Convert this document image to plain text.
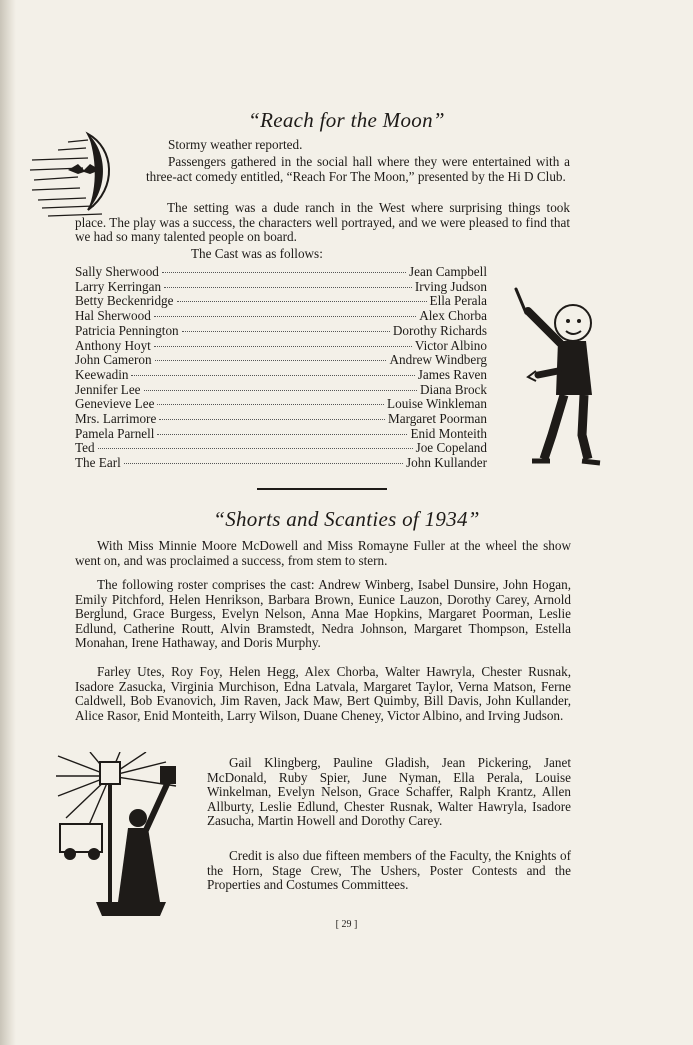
“Reach for the Moon”

Stormy weather reported.

Passengers gathered in the social hall where they were entertained with a three-act comedy entitled, “Reach For The Moon,” presented by the Hi D Club.

The setting was a dude ranch in the West where surprising things took place. The play was a success, the characters well portrayed, and we were pleased to find that we had so many talented people on board.

The Cast was as follows:

Sally Sherwood	Jean Campbell
Larry Kerringan	Irving Judson
Betty Beckenridge	Ella Perala
Hal Sherwood	Alex Chorba
Patricia Pennington	Dorothy Richards
Anthony Hoyt	Victor Albino
John Cameron	Andrew Windberg
Keewadin	James Raven
Jennifer Lee	Diana Brock
Genevieve Lee	Louise Winkleman
Mrs. Larrimore	Margaret Poorman
Pamela Parnell	Enid Monteith
Ted	Joe Copeland
The Earl	John Kullander
“Shorts and Scanties of 1934”

With Miss Minnie Moore McDowell and Miss Romayne Fuller at the wheel the show went on, and was proclaimed a success, from stem to stern.

The following roster comprises the cast: Andrew Winberg, Isabel Dunsire, John Hogan, Emily Pitchford, Helen Henrikson, Barbara Brown, Eunice Lauzon, Dorothy Carey, Arnold Berglund, Grace Burgess, Evelyn Nelson, Anna Mae Hopkins, Margaret Poorman, Leslie Edlund, Catherine Routt, Alvin Bramstedt, Nedra Johnson, Margaret Thompson, Estella Monahan, Irene Hathaway, and Doris Murphy.

Farley Utes, Roy Foy, Helen Hegg, Alex Chorba, Walter Hawryla, Chester Rusnak, Isadore Zasucka, Virginia Murchison, Edna Latvala, Margaret Taylor, Verna Matson, Ferne Caldwell, Bob Evanovich, Jim Raven, Jack Maw, Bert Quimby, Bill Davis, John Kullander, Alice Rasor, Enid Monteith, Larry Wilson, Duane Cheney, Victor Albino, and Irving Judson.

Gail Klingberg, Pauline Gladish, Jean Pickering, Janet McDonald, Ruby Spier, June Nyman, Ella Perala, Louise Winkelman, Evelyn Nelson, Grace Schaffer, Ralph Krantz, Allen Allburty, Leslie Edlund, Chester Rusnak, Walter Hawryla, Isadore Zasucha, Martin Howell and Dorothy Carey.

Credit is also due fifteen members of the Faculty, the Knights of the Horn, Stage Crew, The Ushers, Poster Contests and the Properties and Costumes Committees.

[ 29 ]
